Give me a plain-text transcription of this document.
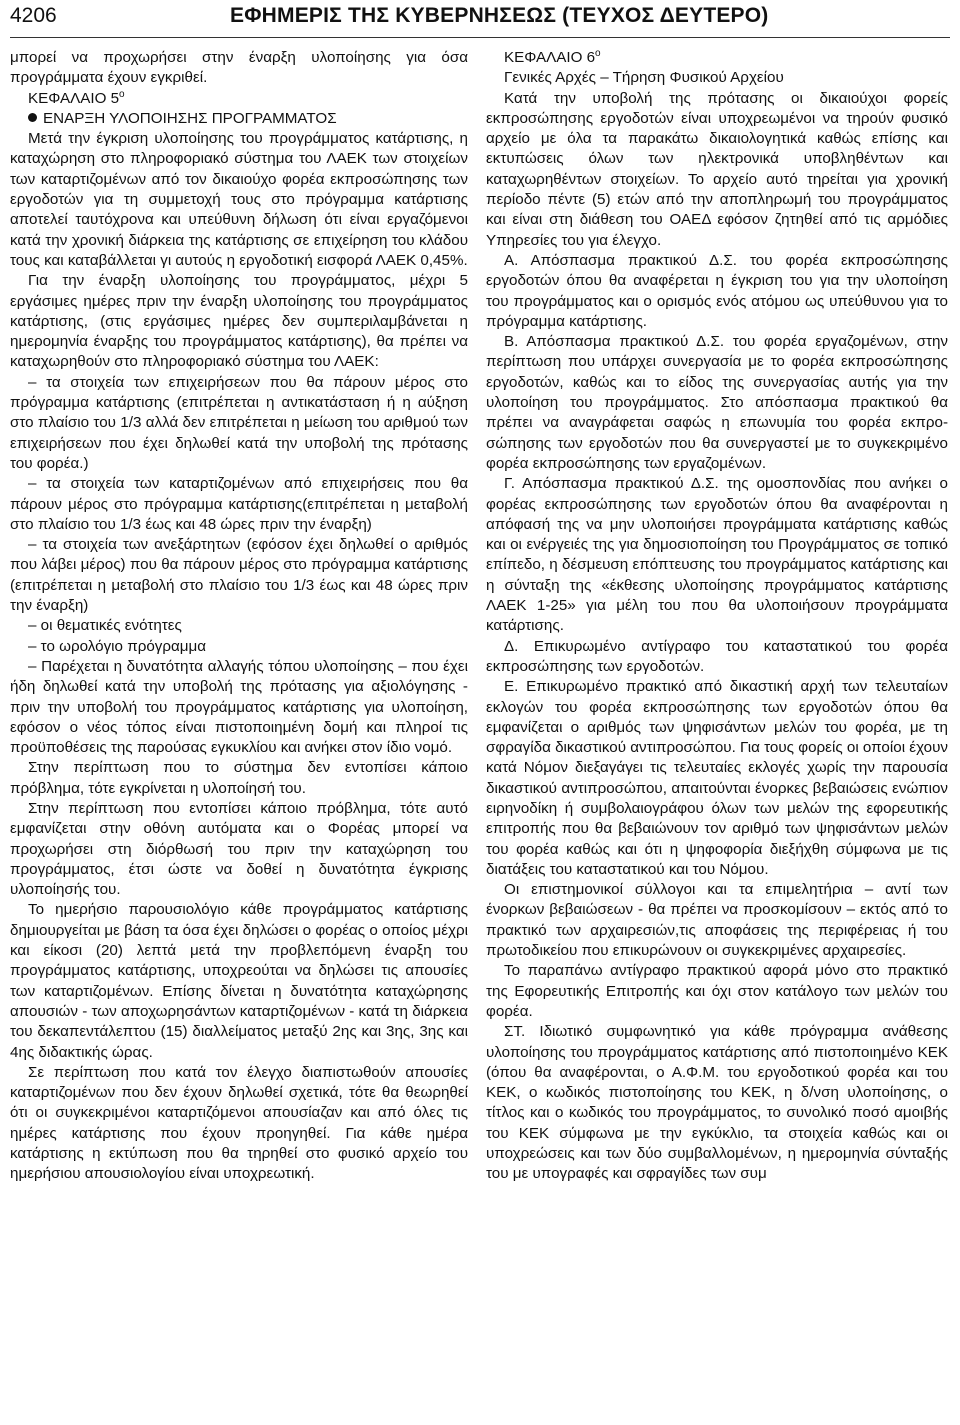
4206	ΕΦΗΜΕΡΙΣ ΤΗΣ ΚΥΒΕΡΝΗΣΕΩΣ (ΤΕΥΧΟΣ ΔΕΥΤΕΡΟ)

μπορεί να προχωρήσει στην έναρξη υλοποίησης για όσα προγράμματα έχουν εγκριθεί.

ΚΕΦΑΛΑΙΟ $5^o$

ΕΝΑΡΞΗ ΥΛΟΠΟΙΗΣΗΣ ΠΡΟΓΡΑΜΜΑΤΟΣ

Μετά την έγκριση υλοποίησης του προγράμματος κατάρτισης, η καταχώρηση στο πληροφοριακό σύστημα του ΛΑΕΚ των στοιχείων των καταρτιζομένων από τον δικαιούχο φορέα εκπροσώπησης των εργοδοτών για τη συμμετοχή τους στο πρόγραμμα κατάρτισης αποτελεί ταυτόχρονα και υπεύθυνη δήλωση ότι είναι εργαζόμενοι κατά την χρονική διάρκεια της κατάρτισης σε επιχείρηση του κλάδου τους και καταβάλλεται γι αυτούς η εργοδοτική εισφορά ΛΑΕΚ 0,45%.

Για την έναρξη υλοποίησης του προγράμματος, μέχρι 5 εργάσιμες ημέρες πριν την έναρξη υλοποίησης του προγράμματος κατάρτισης, (στις εργάσιμες ημέρες δεν συμπεριλαμβάνεται η ημερομηνία έναρξης του προγράμματος κατάρτισης), θα πρέπει να καταχωρηθούν στο πληροφοριακό σύστημα του ΛΑΕΚ:

– τα στοιχεία των επιχειρήσεων που θα πάρουν μέρος στο πρόγραμμα κατάρτισης (επιτρέπεται η αντικατάσταση ή η αύξηση στο πλαίσιο του 1/3 αλλά δεν επιτρέπεται η μείωση του αριθμού των επιχειρήσεων που έχει δηλωθεί κατά την υποβολή της πρότασης του φορέα.)

– τα στοιχεία των καταρτιζομένων από επιχειρήσεις που θα πάρουν μέρος στο πρόγραμμα κατάρτισης(επιτρέπεται η μεταβολή στο πλαίσιο του 1/3 έως και 48 ώρες πριν την έναρξη)

– τα στοιχεία των ανεξάρτητων (εφόσον έχει δηλωθεί ο αριθμός που λάβει μέρος) που θα πάρουν μέρος στο πρόγραμμα κατάρτισης (επιτρέπεται η μεταβολή στο πλαίσιο του 1/3 έως και 48 ώρες πριν την έναρξη)

– οι θεματικές ενότητες

– το ωρολόγιο πρόγραμμα

– Παρέχεται η δυνατότητα αλλαγής τόπου υλοποίησης – που έχει ήδη δηλωθεί κατά την υποβολή της πρότασης για αξιολόγησης - πριν την υποβολή του προγράμματος κατάρτισης για υλοποίηση, εφόσον ο νέος τόπος είναι πιστοποιημένη δομή και πληροί τις προϋποθέσεις της παρούσας εγκυκλίου και ανήκει στον ίδιο νομό.

Στην περίπτωση που το σύστημα δεν εντοπίσει κάποιο πρόβλημα, τότε εγκρίνεται η υλοποίησή του.

Στην περίπτωση που εντοπίσει κάποιο πρόβλημα, τότε αυτό εμφανίζεται στην οθόνη αυτόματα και ο Φορέας μπορεί να προχωρήσει στη διόρθωσή του πριν την καταχώρηση του προγράμματος, έτσι ώστε να δοθεί η δυνατότητα έγκρισης υλοποίησής του.

Το ημερήσιο παρουσιολόγιο κάθε προγράμματος κατάρτισης δημιουργείται με βάση τα όσα έχει δηλώσει ο φορέας ο οποίος μέχρι και είκοσι (20) λεπτά μετά την προβλεπόμενη έναρξη του προγράμματος κατάρτισης, υποχρεούται να δηλώσει τις απουσίες των καταρτιζομένων. Επίσης δίνεται η δυνατότητα καταχώρησης απουσιών - των αποχωρησάντων καταρτιζομένων - κατά τη διάρκεια του δεκαπεντάλεπτου (15) διαλλείματος μεταξύ 2ης και 3ης, 3ης και 4ης διδακτικής ώρας.

Σε περίπτωση που κατά τον έλεγχο διαπιστωθούν απουσίες καταρτιζομένων που δεν έχουν δηλωθεί σχετικά, τότε θα θεωρηθεί ότι οι συγκεκριμένοι καταρτιζόμενοι απουσίαζαν και από όλες τις ημέρες κατάρτισης που έχουν προηγηθεί. Για κάθε ημέρα κατάρτισης η εκτύπωση που θα τηρηθεί στο φυσικό αρχείο του ημερήσιου απουσιολογίου είναι υποχρεωτική.

ΚΕΦΑΛΑΙΟ $6^o$

Γενικές Αρχές – Τήρηση Φυσικού Αρχείου

Κατά την υποβολή της πρότασης οι δικαιούχοι φορείς εκπροσώπησης εργοδοτών είναι υποχρεωμένοι να τηρούν φυσικό αρχείο με όλα τα παρακάτω δικαιολογητικά καθώς επίσης και εκτυπώσεις όλων των ηλεκτρονικά υποβληθέντων και καταχωρηθέντων στοιχείων. Το αρχείο αυτό τηρείται για χρονική περίοδο πέντε (5) ετών από την αποπληρωμή του προγράμματος και είναι στη διάθεση του ΟΑΕΔ εφόσον ζητηθεί από τις αρμόδιες Υπηρεσίες του για έλεγχο.

Α. Απόσπασμα πρακτικού Δ.Σ. του φορέα εκπροσώπησης εργοδοτών όπου θα αναφέρεται η έγκριση του για την υλοποίηση του προγράμματος και ο ορισμός ενός ατόμου ως υπεύθυνου για το πρόγραμμα κατάρτισης.

Β. Απόσπασμα πρακτικού Δ.Σ. του φορέα εργαζομένων, στην περίπτωση που υπάρχει συνεργασία με το φορέα εκπροσώπησης εργοδοτών, καθώς και το είδος της συνεργασίας αυτής για την υλοποίηση του προγράμματος. Στο απόσπασμα πρακτικού θα πρέπει να αναγράφεται σαφώς η επωνυμία του φορέα εκπροσώπησης των εργοδοτών που θα συνεργαστεί με το συγκεκριμένο φορέα εκπροσώπησης των εργαζομένων.

Γ. Απόσπασμα πρακτικού Δ.Σ. της ομοσπονδίας που ανήκει ο φορέας εκπροσώπησης των εργοδοτών όπου θα αναφέρονται η απόφασή της να μην υλοποιήσει προγράμματα κατάρτισης καθώς και οι ενέργειές της για δημοσιοποίηση του Προγράμματος σε τοπικό επίπεδο, η δέσμευση επόπτευσης του προγράμματος κατάρτισης και η σύνταξη της «έκθεσης υλοποίησης προγράμματος κατάρτισης ΛΑΕΚ 1-25» για μέλη του που θα υλοποιήσουν προγράμματα κατάρτισης.

Δ. Επικυρωμένο αντίγραφο του καταστατικού του φορέα εκπροσώπησης των εργοδοτών.

Ε. Επικυρωμένο πρακτικό από δικαστική αρχή των τελευταίων εκλογών του φορέα εκπροσώπησης των εργοδοτών όπου θα εμφανίζεται ο αριθμός των ψηφισάντων μελών του φορέα, με τη σφραγίδα δικαστικού αντιπροσώπου. Για τους φορείς οι οποίοι έχουν κατά Νόμον διεξαγάγει τις τελευταίες εκλογές χωρίς την παρουσία δικαστικού αντιπροσώπου, απαιτούνται ένορκες βεβαιώσεις ενώπιον ειρηνοδίκη ή συμβολαιογράφου όλων των μελών της εφορευτικής επιτροπής που θα βεβαιώνουν τον αριθμό των ψηφισάντων μελών του φορέα καθώς και ότι η ψηφοφορία διεξήχθη σύμφωνα με τις διατάξεις του καταστατικού και του Νόμου.

Οι επιστημονικοί σύλλογοι και τα επιμελητήρια – αντί των ένορκων βεβαιώσεων - θα πρέπει να προσκομίσουν – εκτός από το πρακτικό των αρχαιρεσιών,τις αποφάσεις της περιφέρειας ή του πρωτοδικείου που επικυρώνουν οι συγκεκριμένες αρχαιρεσίες.

Το παραπάνω αντίγραφο πρακτικού αφορά μόνο στο πρακτικό της Εφορευτικής Επιτροπής και όχι στον κατάλογο των μελών του φορέα.

ΣΤ. Ιδιωτικό συμφωνητικό για κάθε πρόγραμμα ανάθεσης υλοποίησης του προγράμματος κατάρτισης από πιστοποιημένο ΚΕΚ (όπου θα αναφέρονται, ο Α.Φ.Μ. του εργοδοτικού φορέα και του ΚΕΚ, ο κωδικός πιστοποίησης του ΚΕΚ, η δ/νση υλοποίησης, ο τίτλος και ο κωδικός του προγράμματος, το συνολικό ποσό αμοιβής του ΚΕΚ σύμφωνα με την εγκύκλιο, τα στοιχεία καθώς και οι υποχρεώσεις και των δύο συμβαλλομένων, η ημερομηνία σύνταξής του με υπογραφές και σφραγίδες των συμ
